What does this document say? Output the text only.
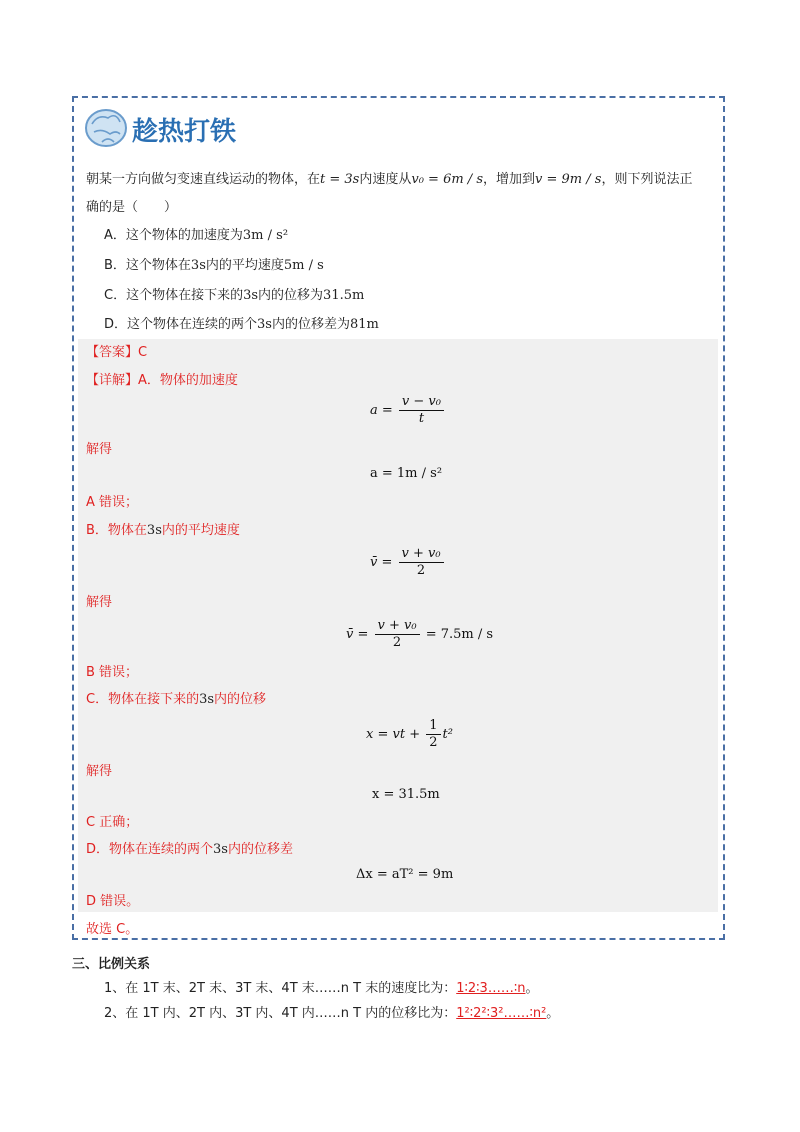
趁热打铁
朝某一方向做匀变速直线运动的物体，在t = 3s内速度从v₀ = 6m / s，增加到v = 9m / s，则下列说法正
确的是（　　）
A．这个物体的加速度为3m / s²
B．这个物体在3s内的平均速度5m / s
C．这个物体在接下来的3s内的位移为31.5m
D．这个物体在连续的两个3s内的位移差为81m
【答案】C
【详解】A．物体的加速度
$a = \frac{\text{v − v₀}}{t}$
解得
a = 1m / s²
A 错误；
B．物体在3s内的平均速度
v̄ = $\frac{\text{v + v₀}}{2}$
解得
v̄ = $\frac{\text{v + v₀}}{2} = 7.5m / s$
B 错误；
C．物体在接下来的3s内的位移
x = vt + $\frac{1}{2} t^2$
解得
x = 31.5m
C 正确；
D．物体在连续的两个3s内的位移差
Δx = aT² = 9m
D 错误。
故选 C。
三、比例关系
1、在 1T 末、2T 末、3T 末、4T 末……n T 末的速度比为：1∶2∶3……∶n。
2、在 1T 内、2T 内、3T 内、4T 内……n T 内的位移比为：1²∶2²∶3²……∶n²。
